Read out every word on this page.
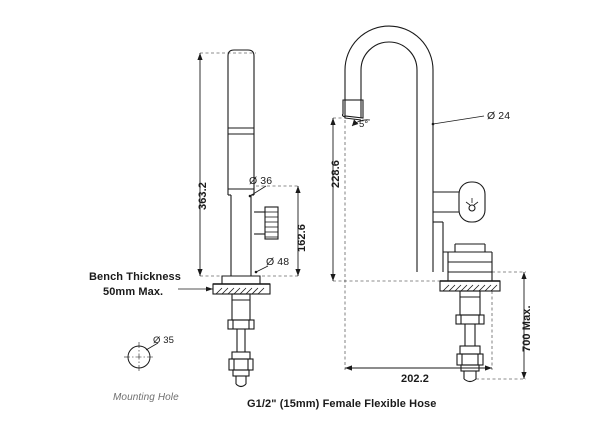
363.2
Ø 36
162.6
Ø 48
Bench Thickness
50mm Max.
Ø 35
Mounting Hole
G1/2" (15mm) Female Flexible Hose
5°
Ø 24
228.6
700 Max.
202.2
